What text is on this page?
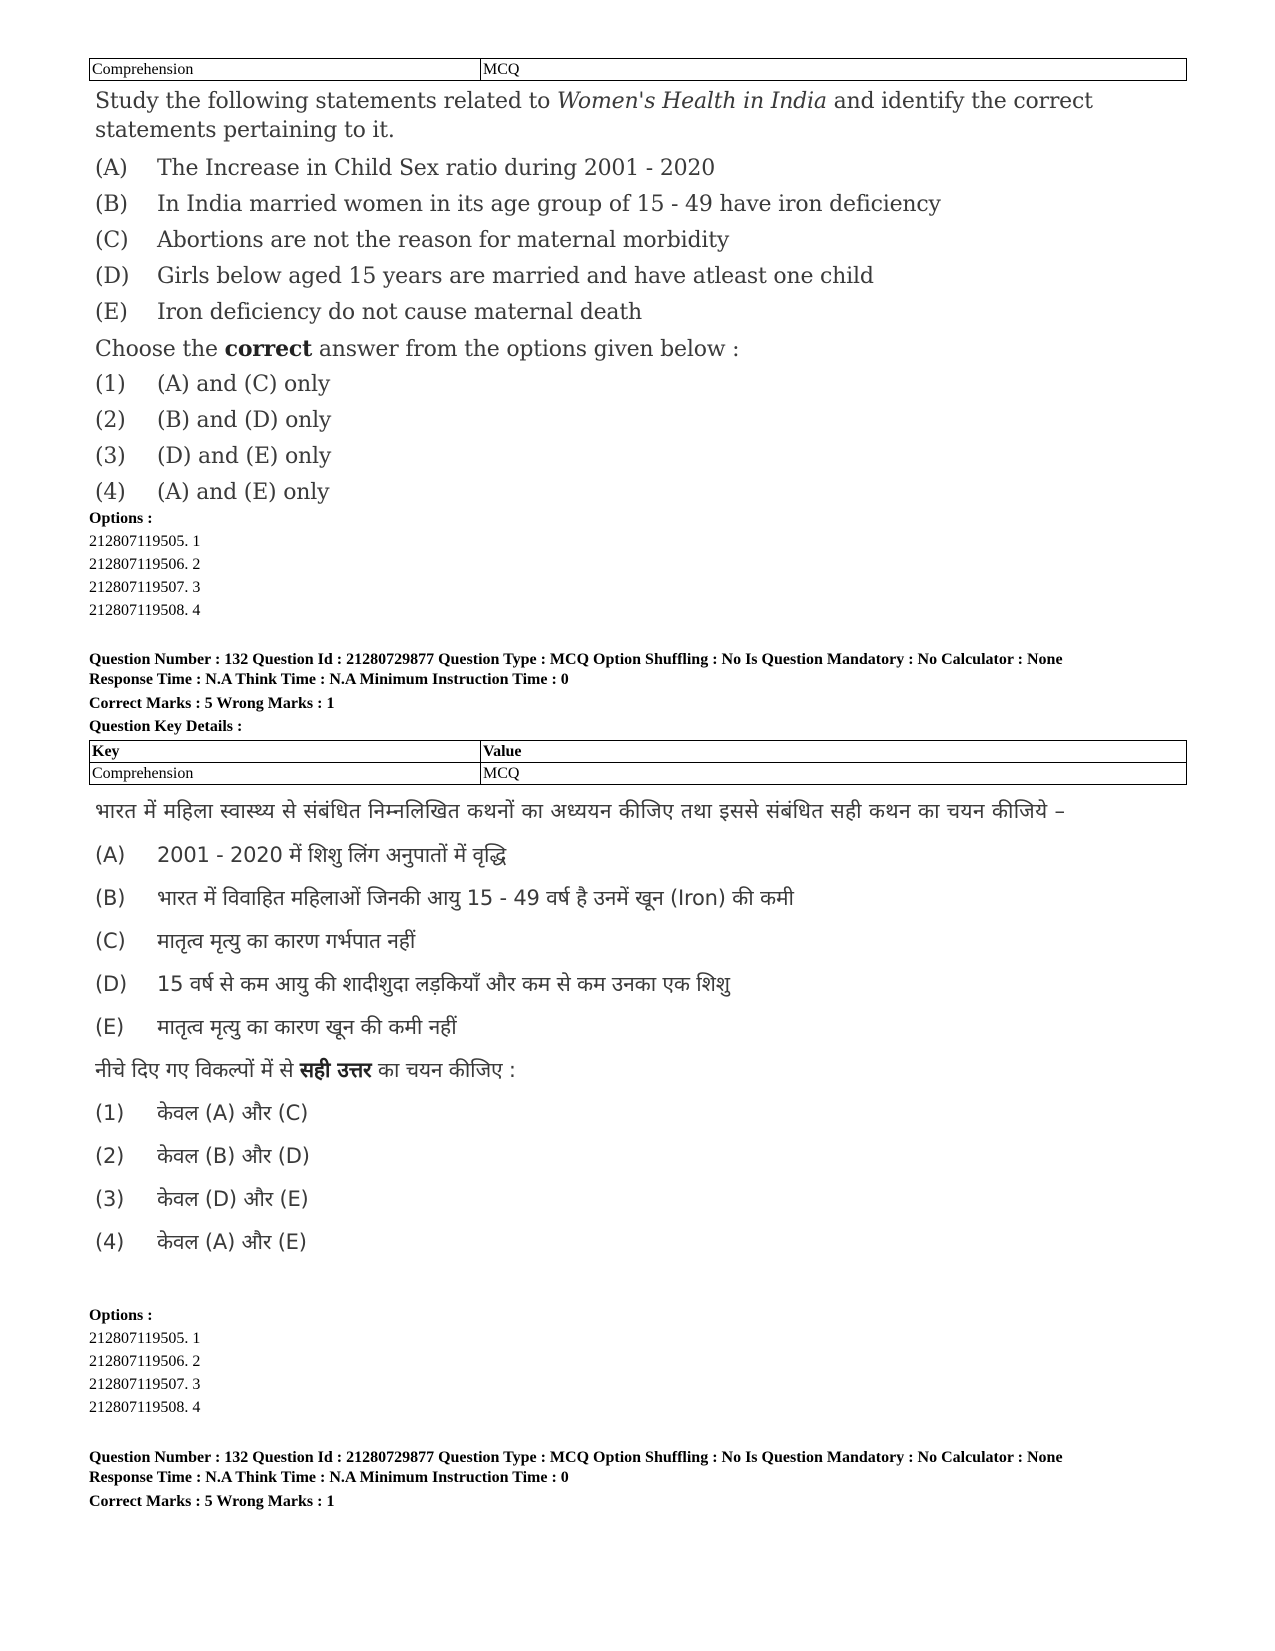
Comprehension	MCQ

Study the following statements related to Women's Health in India and identify the correct statements pertaining to it.

(A)	The Increase in Child Sex ratio during 2001 - 2020
(B)	In India married women in its age group of 15 - 49 have iron deficiency
(C)	Abortions are not the reason for maternal morbidity
(D)	Girls below aged 15 years are married and have atleast one child
(E)	Iron deficiency do not cause maternal death
Choose the correct answer from the options given below :
(1)	(A) and (C) only
(2)	(B) and (D) only
(3)	(D) and (E) only
(4)	(A) and (E) only
Options :
212807119505. 1
212807119506. 2
212807119507. 3
212807119508. 4
Question Number : 132 Question Id : 21280729877 Question Type : MCQ Option Shuffling : No Is Question Mandatory : No Calculator : None
Response Time : N.A Think Time : N.A Minimum Instruction Time : 0
Correct Marks : 5 Wrong Marks : 1
Question Key Details :
Key	Value
Comprehension	MCQ

भारत में महिला स्वास्थ्य से संबंधित निम्नलिखित कथनों का अध्ययन कीजिए तथा इससे संबंधित सही कथन का चयन कीजिये –

(A)	2001 - 2020 में शिशु लिंग अनुपातों में वृद्धि
(B)	भारत में विवाहित महिलाओं जिनकी आयु 15 - 49 वर्ष है उनमें खून (Iron) की कमी
(C)	मातृत्व मृत्यु का कारण गर्भपात नहीं
(D)	15 वर्ष से कम आयु की शादीशुदा लड़कियाँ और कम से कम उनका एक शिशु
(E)	मातृत्व मृत्यु का कारण खून की कमी नहीं
नीचे दिए गए विकल्पों में से सही उत्तर का चयन कीजिए :
(1)	केवल (A) और (C)
(2)	केवल (B) और (D)
(3)	केवल (D) और (E)
(4)	केवल (A) और (E)
Options :
212807119505. 1
212807119506. 2
212807119507. 3
212807119508. 4
Question Number : 132 Question Id : 21280729877 Question Type : MCQ Option Shuffling : No Is Question Mandatory : No Calculator : None
Response Time : N.A Think Time : N.A Minimum Instruction Time : 0
Correct Marks : 5 Wrong Marks : 1
